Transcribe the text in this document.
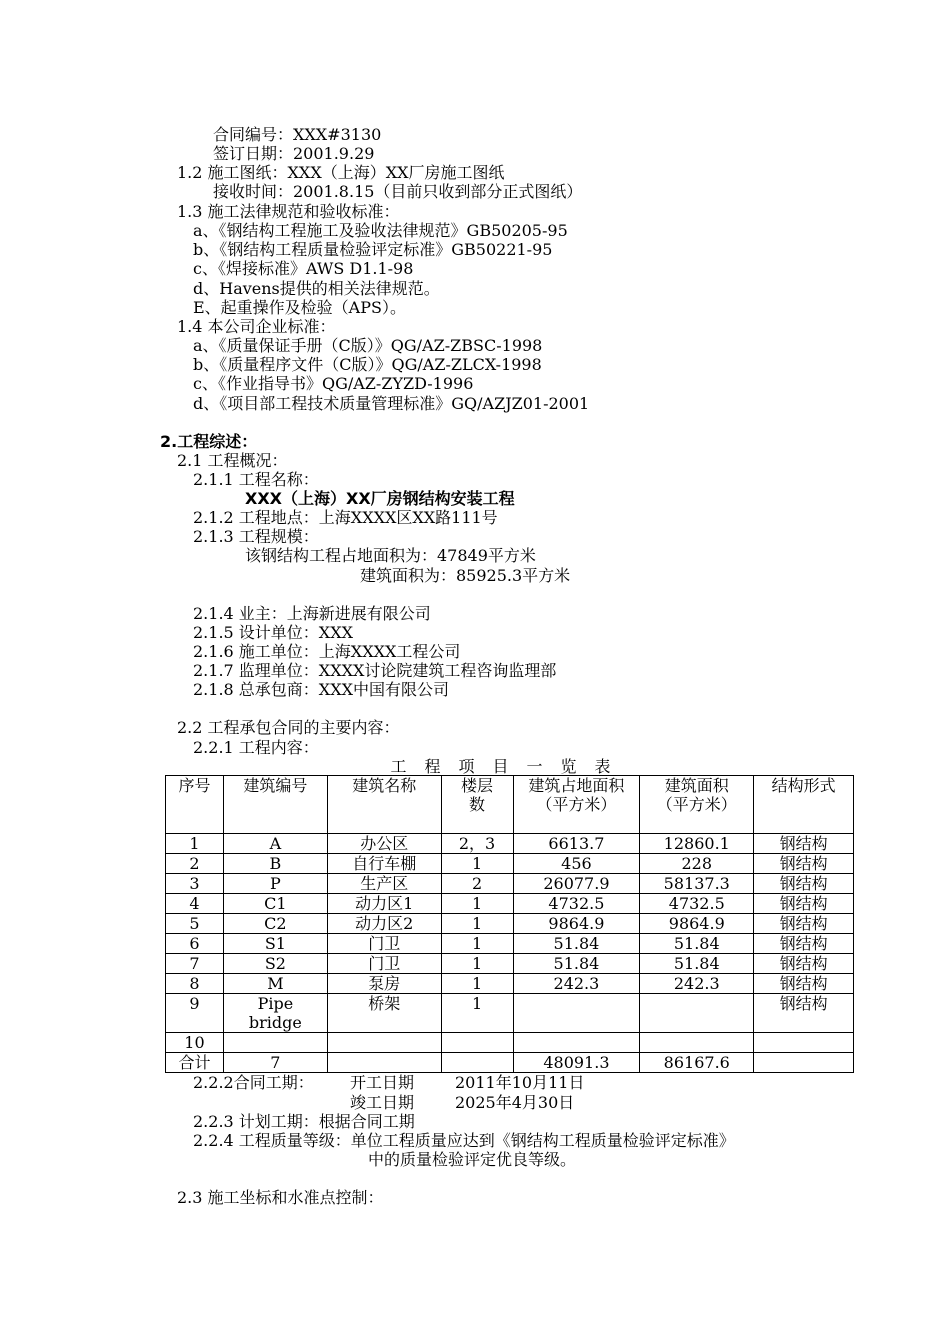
合同编号：XXX#3130
签订日期：2001.9.29
1.2 施工图纸：XXX（上海）XX厂房施工图纸
接收时间：2001.8.15（目前只收到部分正式图纸）
1.3 施工法律规范和验收标准：
a、《钢结构工程施工及验收法律规范》GB50205-95
b、《钢结构工程质量检验评定标准》GB50221-95
c、《焊接标准》AWS D1.1-98
d、Havens提供的相关法律规范。
E、起重操作及检验（APS）。
1.4 本公司企业标准：
a、《质量保证手册（C版）》QG/AZ-ZBSC-1998
b、《质量程序文件（C版）》QG/AZ-ZLCX-1998
c、《作业指导书》QG/AZ-ZYZD-1996
d、《项目部工程技术质量管理标准》GQ/AZJZ01-2001
2.工程综述：
2.1 工程概况：
2.1.1 工程名称：
XXX（上海）XX厂房钢结构安装工程
2.1.2 工程地点：上海XXXX区XX路111号
2.1.3 工程规模：
该钢结构工程占地面积为：47849平方米
建筑面积为：85925.3平方米
2.1.4 业主：上海新进展有限公司
2.1.5 设计单位：XXX
2.1.6 施工单位：上海XXXX工程公司
2.1.7 监理单位：XXXX讨论院建筑工程咨询监理部
2.1.8 总承包商：XXX中国有限公司
2.2 工程承包合同的主要内容：
2.2.1 工程内容：
工程项目一览表
序号	建筑编号	建筑名称	楼层数	建筑占地面积（平方米）	建筑面积（平方米）	结构形式
1	A	办公区	2，3	6613.7	12860.1	钢结构
2	B	自行车棚	1	456	228	钢结构
3	P	生产区	2	26077.9	58137.3	钢结构
4	C1	动力区1	1	4732.5	4732.5	钢结构
5	C2	动力区2	1	9864.9	9864.9	钢结构
6	S1	门卫	1	51.84	51.84	钢结构
7	S2	门卫	1	51.84	51.84	钢结构
8	M	泵房	1	242.3	242.3	钢结构
9	Pipe bridge	桥架	1			钢结构
10						
合计	7			48091.3	86167.6	
2.2.2合同工期： 开工日期	2011年10月11日
竣工日期	2025年4月30日
2.2.3 计划工期：根据合同工期
2.2.4 工程质量等级：单位工程质量应达到《钢结构工程质量检验评定标准》
中的质量检验评定优良等级。
2.3 施工坐标和水准点控制：
